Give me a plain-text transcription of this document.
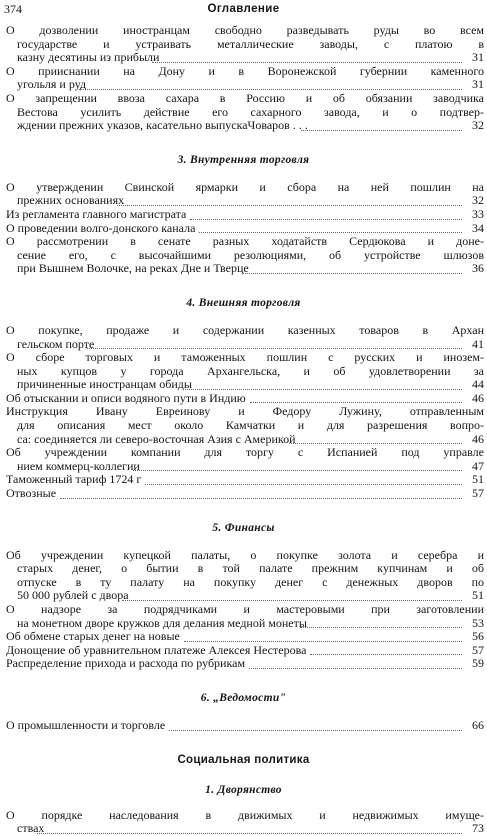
374	Оглавление
О дозволении иностранцам свободно разведывать руды во всем
государстве и устраивать металлические заводы, с платою в
казну десятины из прибыли	31
О прииснании на Дону и в Воронежской губернии каменного
угольля и руд	31
О запрещении ввоза сахара в Россию и об обязании заводчика
Вестова усилить действие его сахарного завода, и о подтвер-
ждении прежних указов, касательно выпускаЧоваров . . .	32
3. Внутренняя торговля
О утверждении Свинской ярмарки и сбора на ней пошлин на
прежних основаниях	32
Из регламента главного магистрата	33
О проведении волго-донского канала	34
О рассмотрении в сенате разных ходатайств Сердюкова и доне-
сение его, с высочайшими резолюциями, об устройстве шлюзов
при Вышнем Волочке, на реках Дне и Тверце	36
4. Внешняя торговля
О покупке, продаже и содержании казенных товаров в Архан
гельском порте	41
О сборе торговых и таможенных пошлин с русских и инозем-
ных купцов у города Архангельска, и об удовлетворении за
причиненные иностранцам обиды	44
Об отыскании и описи водяного пути в Индию	46
Инструкция Ивану Евреинову и Федору Лужину, отправленным
для описания мест около Камчатки и для разрешения вопро-
са: соединяется ли северо-восточная Азия с Америкой	46
Об учреждении компании для торгу с Испанией под управле
нием коммерц-коллегии	47
Таможенный тариф 1724 г	51
Отвозные	57
5. Финансы
Об учреждении купецкой палаты, о покупке золота и серебра и
старых денег, о бытии в той палате прежним купчинам и об
отпуске в ту палату на покупку денег с денежных дворов по
50 000 рублей с двора	51
О надзоре за подрядчиками и мастеровыми при заготовлении
на монетном дворе кружков для делания медной монеты	53
Об обмене старых денег на новые	56
Донощение об уравнительном платеже Алексея Нестерова	57
Распределение прихода и расхода по рубрикам	59
6. „Ведомости"
О промышленности и торговле	66
Социальная политика
1. Дворянство
О порядке наследования в движимых и недвижимых имуще-
ствах	73
